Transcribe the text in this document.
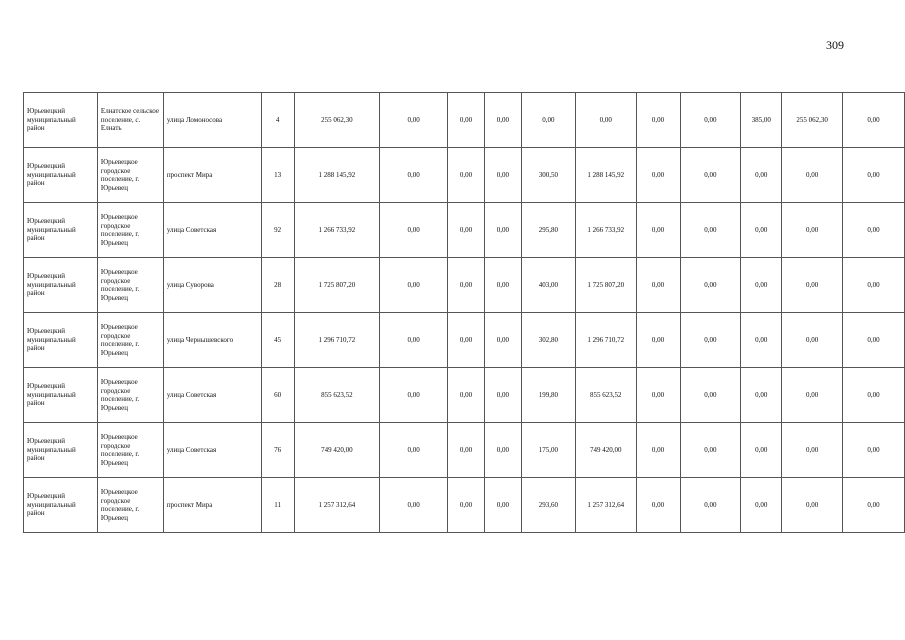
309
Юрьевецкий муниципальный район	Елнатское сельское поселение, с. Елнать	улица Ломоносова	4	255 062,30	0,00	0,00	0,00	0,00	0,00	0,00	0,00	385,00	255 062,30	0,00
Юрьевецкий муниципальный район	Юрьевецкое городское поселение, г. Юрьевец	проспект Мира	13	1 288 145,92	0,00	0,00	0,00	300,50	1 288 145,92	0,00	0,00	0,00	0,00	0,00
Юрьевецкий муниципальный район	Юрьевецкое городское поселение, г. Юрьевец	улица Советская	92	1 266 733,92	0,00	0,00	0,00	295,80	1 266 733,92	0,00	0,00	0,00	0,00	0,00
Юрьевецкий муниципальный район	Юрьевецкое городское поселение, г. Юрьевец	улица Суворова	28	1 725 807,20	0,00	0,00	0,00	403,00	1 725 807,20	0,00	0,00	0,00	0,00	0,00
Юрьевецкий муниципальный район	Юрьевецкое городское поселение, г. Юрьевец	улица Чернышевского	45	1 296 710,72	0,00	0,00	0,00	302,80	1 296 710,72	0,00	0,00	0,00	0,00	0,00
Юрьевецкий муниципальный район	Юрьевецкое городское поселение, г. Юрьевец	улица Советская	60	855 623,52	0,00	0,00	0,00	199,80	855 623,52	0,00	0,00	0,00	0,00	0,00
Юрьевецкий муниципальный район	Юрьевецкое городское поселение, г. Юрьевец	улица Советская	76	749 420,00	0,00	0,00	0,00	175,00	749 420,00	0,00	0,00	0,00	0,00	0,00
Юрьевецкий муниципальный район	Юрьевецкое городское поселение, г. Юрьевец	проспект Мира	11	1 257 312,64	0,00	0,00	0,00	293,60	1 257 312,64	0,00	0,00	0,00	0,00	0,00
